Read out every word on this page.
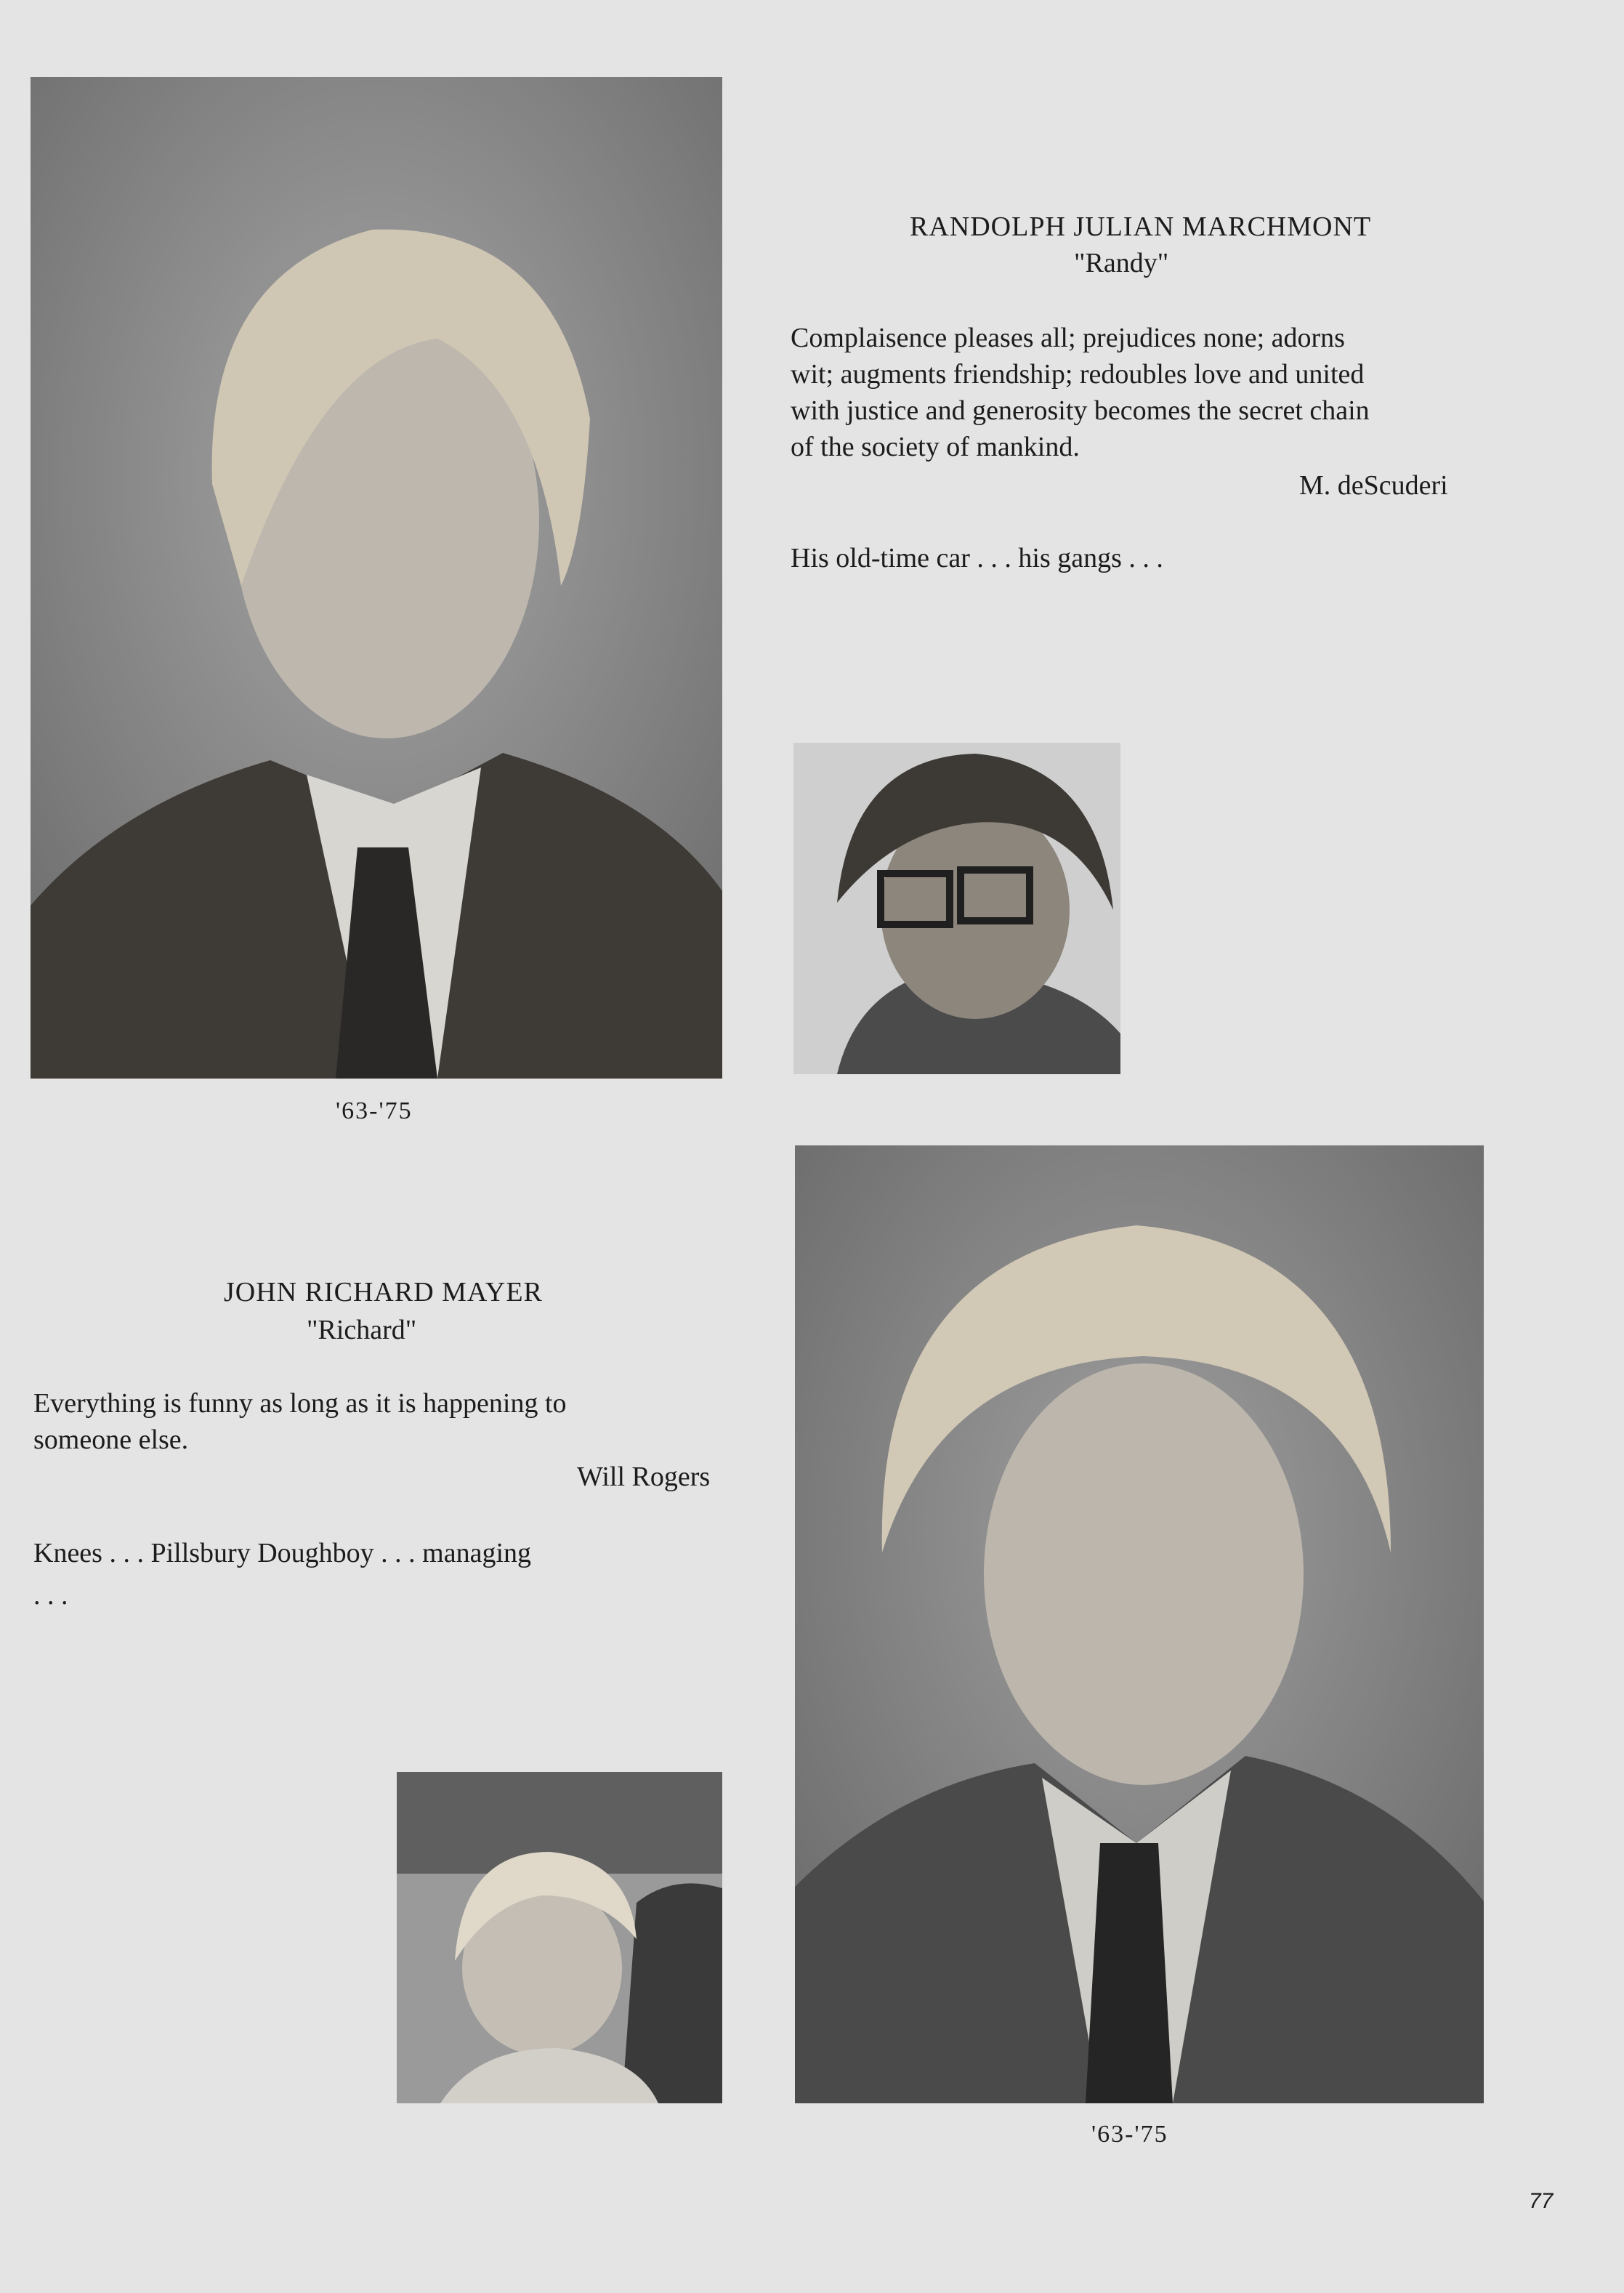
'63-'75
RANDOLPH JULIAN MARCHMONT
"Randy"
Complaisence pleases all; prejudices none; adorns
wit; augments friendship; redoubles love and united
with justice and generosity becomes the secret chain
of the society of mankind.
M. deScuderi
His old-time car . . . his gangs . . .
JOHN RICHARD MAYER
"Richard"
Everything is funny as long as it is happening to
someone else.
Will Rogers
Knees . . . Pillsbury Doughboy . . . managing
. . .
'63-'75
77
